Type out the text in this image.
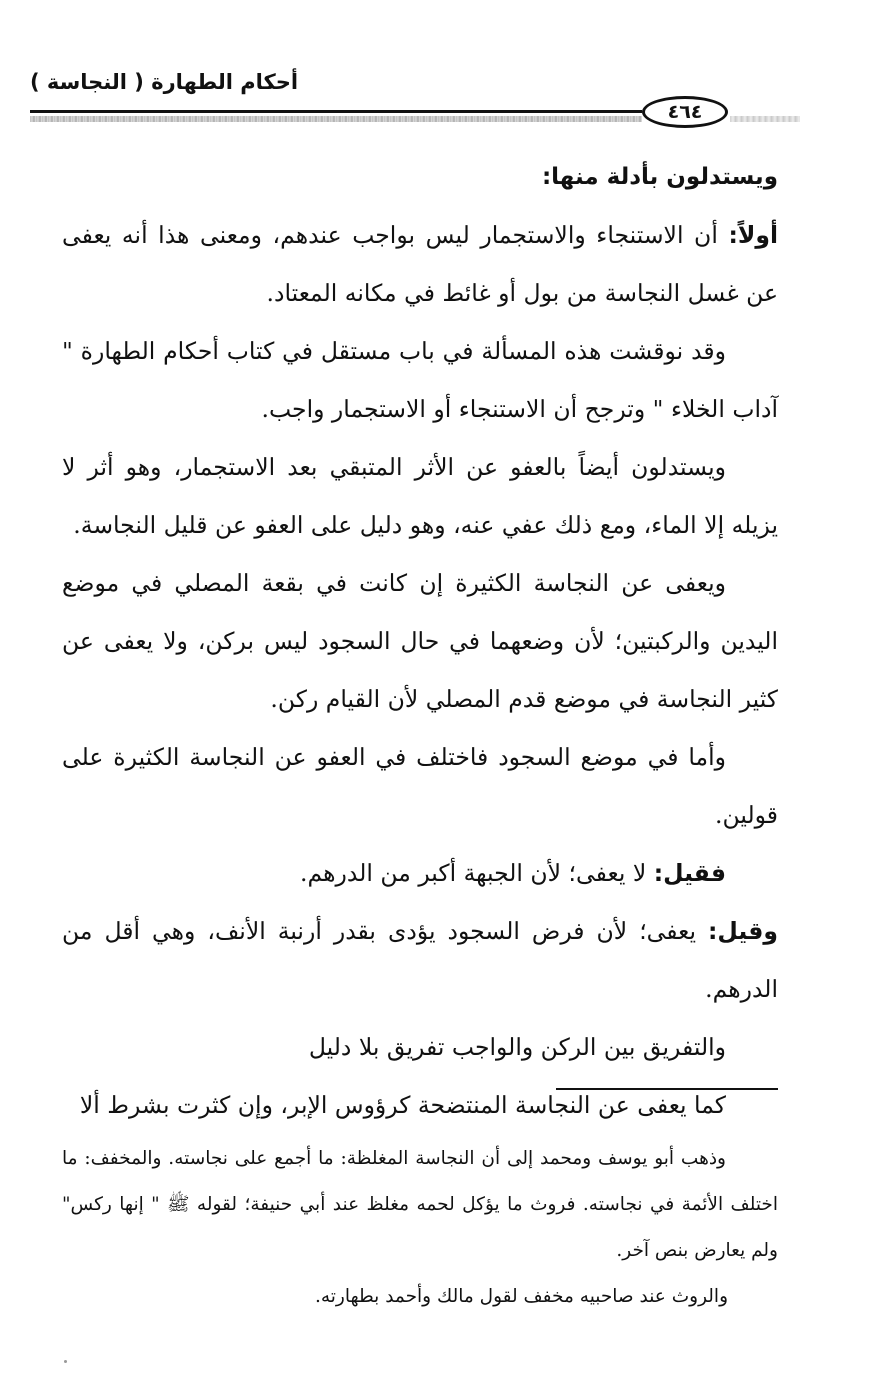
أحكام الطهارة ( النجاسة )
٤٦٤

ويستدلون بأدلة منها:

أولاً: أن الاستنجاء والاستجمار ليس بواجب عندهم، ومعنى هذا أنه يعفى عن غسل النجاسة من بول أو غائط في مكانه المعتاد.

وقد نوقشت هذه المسألة في باب مستقل في كتاب أحكام الطهارة " آداب الخلاء " وترجح أن الاستنجاء أو الاستجمار واجب.

ويستدلون أيضاً بالعفو عن الأثر المتبقي بعد الاستجمار، وهو أثر لا يزيله إلا الماء، ومع ذلك عفي عنه، وهو دليل على العفو عن قليل النجاسة.

ويعفى عن النجاسة الكثيرة إن كانت في بقعة المصلي في موضع اليدين والركبتين؛ لأن وضعهما في حال السجود ليس بركن، ولا يعفى عن كثير النجاسة في موضع قدم المصلي لأن القيام ركن.

وأما في موضع السجود فاختلف في العفو عن النجاسة الكثيرة على قولين.

فقيل: لا يعفى؛ لأن الجبهة أكبر من الدرهم.

وقيل: يعفى؛ لأن فرض السجود يؤدى بقدر أرنبة الأنف، وهي أقل من الدرهم.

والتفريق بين الركن والواجب تفريق بلا دليل

كما يعفى عن النجاسة المنتضحة كرؤوس الإبر، وإن كثرت بشرط ألا

وذهب أبو يوسف ومحمد إلى أن النجاسة المغلظة: ما أجمع على نجاسته. والمخفف: ما اختلف الأئمة في نجاسته. فروث ما يؤكل لحمه مغلظ عند أبي حنيفة؛ لقوله ﷺ " إنها ركس" ولم يعارض بنص آخر.

والروث عند صاحبيه مخفف لقول مالك وأحمد بطهارته.
